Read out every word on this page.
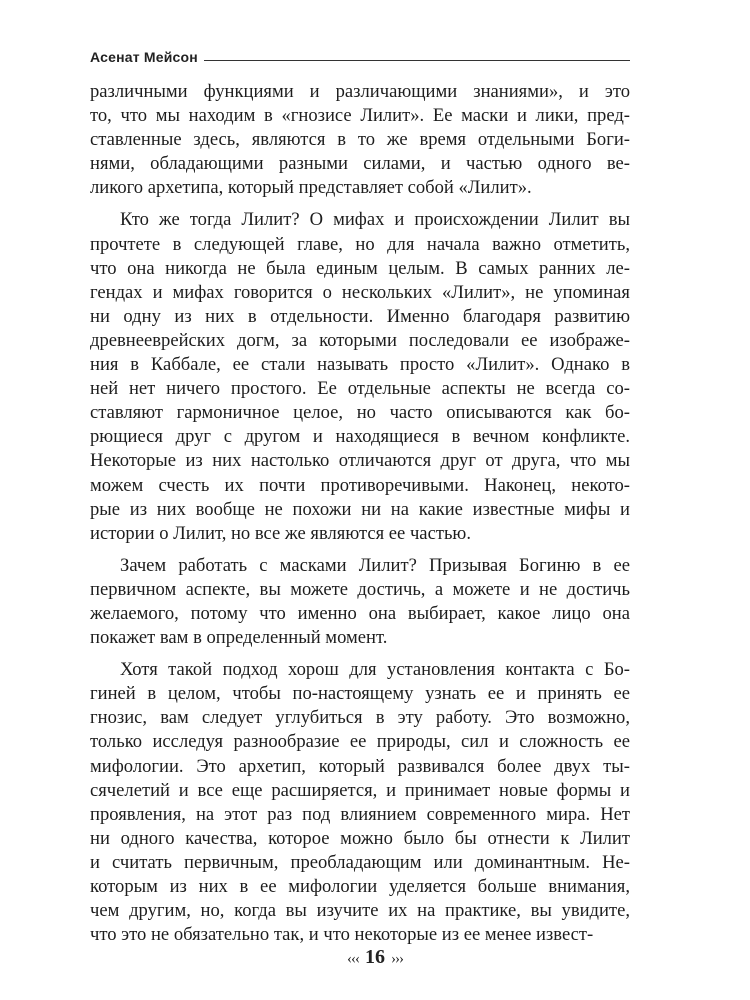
Асенат Мейсон
различными функциями и различающими знаниями», и это
то, что мы находим в «гнозисе Лилит». Ее маски и лики, пред-
ставленные здесь, являются в то же время отдельными Боги-
нями, обладающими разными силами, и частью одного ве-
ликого архетипа, который представляет собой «Лилит».
Кто же тогда Лилит? О мифах и происхождении Лилит вы
прочтете в следующей главе, но для начала важно отметить,
что она никогда не была единым целым. В самых ранних ле-
гендах и мифах говорится о нескольких «Лилит», не упоминая
ни одну из них в отдельности. Именно благодаря развитию
древнееврейских догм, за которыми последовали ее изображе-
ния в Каббале, ее стали называть просто «Лилит». Однако в
ней нет ничего простого. Ее отдельные аспекты не всегда со-
ставляют гармоничное целое, но часто описываются как бо-
рющиеся друг с другом и находящиеся в вечном конфликте.
Некоторые из них настолько отличаются друг от друга, что мы
можем счесть их почти противоречивыми. Наконец, некото-
рые из них вообще не похожи ни на какие известные мифы и
истории о Лилит, но все же являются ее частью.
Зачем работать с масками Лилит? Призывая Богиню в ее
первичном аспекте, вы можете достичь, а можете и не достичь
желаемого, потому что именно она выбирает, какое лицо она
покажет вам в определенный момент.
Хотя такой подход хорош для установления контакта с Бо-
гиней в целом, чтобы по-настоящему узнать ее и принять ее
гнозис, вам следует углубиться в эту работу. Это возможно,
только исследуя разнообразие ее природы, сил и сложность ее
мифологии. Это архетип, который развивался более двух ты-
сячелетий и все еще расширяется, и принимает новые формы и
проявления, на этот раз под влиянием современного мира. Нет
ни одного качества, которое можно было бы отнести к Лилит
и считать первичным, преобладающим или доминантным. Не-
которым из них в ее мифологии уделяется больше внимания,
чем другим, но, когда вы изучите их на практике, вы увидите,
что это не обязательно так, и что некоторые из ее менее извест-
‹‹‹ 16 ›››
